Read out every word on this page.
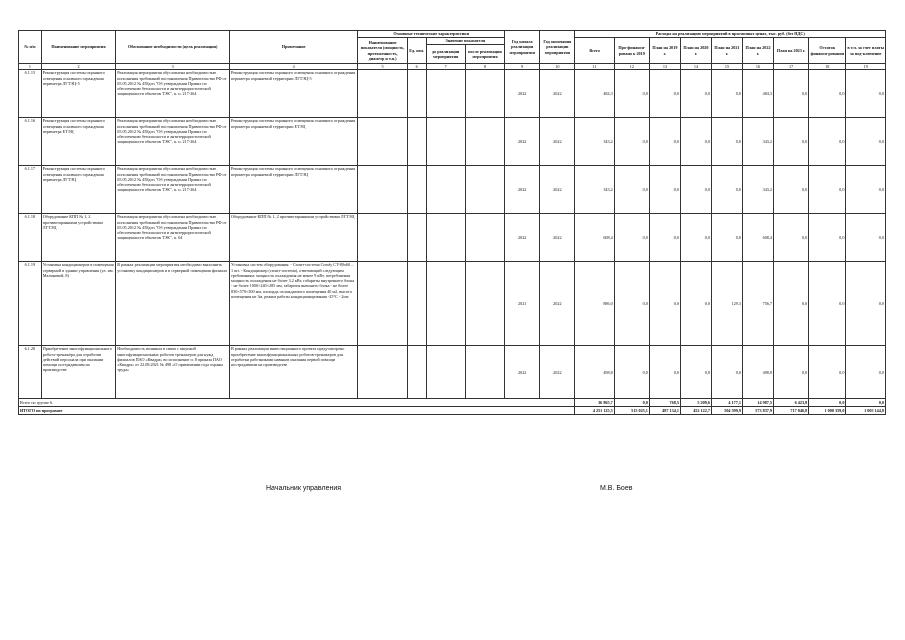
№ п/п	Наименование мероприятия	Обоснование необходимости (цель реализации)	Примечание	Основные технические характеристики				Год начала реализации мероприятия	Год окончания реализации мероприятия	Расходы на реализацию мероприятий в прогнозных ценах, тыс. руб. (без НДС)								
				Наименование показателя (мощность, протяженность, диаметр и т.п.)	Ед. изм.	Значение показателя				Всего	Про-финанси-ровано к 2019	План на 2019 г.	План на 2020 г.	План на 2021 г.	План на 2022 г.	План на 2023 г.	Остаток финанси-рования	в т.ч. за счет платы за под-ключение
						до реализации мероприятия	после реализации мероприятия											

1	2	3	4	5	6	7	8	9	10	11	12	13	14	15	16	17	18	19
6.1.15	Реконструкция системы охранного освещения основного ограждения периметра ЛГТЭЦ-5	Реализация мероприятия обусловлена необходимостью исполнения требований постановления Правительства РФ от 05.05.2012 № 458дсп "Об утверждении Правил по обеспечению безопасности и антитеррористической защищенности объектов ТЭК", п. п. 217-264	Реконструкция системы охранного освещения основного ограждения периметра охраняемой территории ЛГТЭЦ-5					2022	2022	484,3	0,0	0,0	0,0	0,0	484,3	0,0	0,0	0,0
6.1.16	Реконструкция системы охранного освещения основного ограждения периметра ЕТЭЦ	Реализация мероприятия обусловлена необходимостью исполнения требований постановления Правительства РФ от 05.05.2012 № 458дсп "Об утверждении Правил по обеспечению безопасности и антитеррористической защищенности объектов ТЭК", п. п. 217-264	Реконструкция системы охранного освещения основного ограждения периметра охраняемой территории ЕТЭЦ					2022	2022	343,2	0,0	0,0	0,0	0,0	343,2	0,0	0,0	0,0
6.1.17	Реконструкция системы охранного освещения основного ограждения периметра ЛГТЭЦ	Реализация мероприятия обусловлена необходимостью исполнения требований постановления Правительства РФ от 05.05.2012 № 458дсп "Об утверждении Правил по обеспечению безопасности и антитеррористической защищенности объектов ТЭК", п. п. 217-264	Реконструкция системы охранного освещения основного ограждения периметра охраняемой территории ЛГТЭЦ					2022	2022	343,2	0,0	0,0	0,0	0,0	343,2	0,0	0,0	0,0
6.1.18	Оборудование КПП № 1, 2 противотаранными устройствами ЛГТЭЦ	Реализация мероприятия обусловлена необходимостью исполнения требований постановления Правительства РФ от 05.05.2012 № 458дсп "Об утверждении Правил по обеспечению безопасности и антитеррористической защищенности объектов ТЭК", п. 64	Оборудование КПП № 1, 2 противотаранными устройствами ЛГТЭЦ					2022	2022	608,4	0,0	0,0	0,0	0,0	608,4	0,0	0,0	0,0
6.1.19	Установка кондиционеров в помещения серверной в здании управления (ул. им. Малиновой, 8)	В рамках реализации мероприятия необходимо выполнить установку кондиционеров и в серверной помещения филиала	Установка систем оборудования: - Сплит-система Comfy CT-80х60 – 1 шт. - Кондиционер (сплит-система), отвечающий следующим требованиям: мощность охлаждения не менее 9 кВт, потребляемая мощность охлаждения не более 3,2 кВт, габариты внутреннего блока - не более 1000×240×285 мм, габариты внешнего блока - не более 830×570×300 мм, площадь охлаждаемого помещения 40 м2, высота помещения не 3м, режим работы кондиционирования -25°С - 2шт.					2021	2022	886,0	0,0	0,0	0,0	129,3	756,7	0,0	0,0	0,0
6.1.20	Приобретение многофункционального робота-тренажёра для отработки действий персонала при оказании помощи пострадавшим на производстве	Необходимость возникла в связи с закупкой многофункциональных роботов тренажеров для нужд филиалов ПАО «Квадра» во исполнение п. 8 приказа ПАО «Квадра» от 22.08.2021 № 498 «О применении года охраны труда»	В рамках реализации инвестиционного проекта предусмотрено приобретение многофункциональных роботов-тренажеров для отработки работниками навыков оказания первой помощи пострадавшим на производстве					2022	2022	498,8	0,0	0,0	0,0	0,0	498,8	0,0	0,0	0,0
Всего по группе 6.										36 865,7	0,0	768,5	5 209,6	4 177,1	14 987,5	6 423,8	0,0	0,0
ИТОГО по программе										4 251 125,5	515 025,1	487 134,1	452 122,7	504 599,9	573 837,9	717 046,8	1 000 359,0	1 005 144,8
Начальник управления	М.В. Боев
